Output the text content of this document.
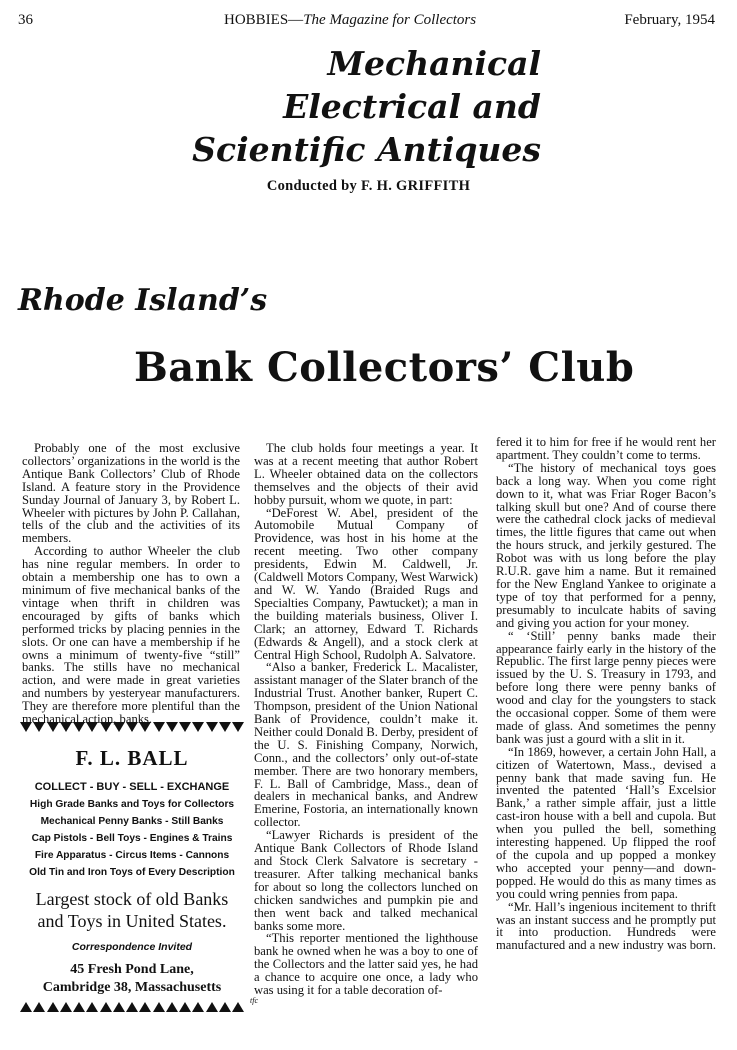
36	HOBBIES—The Magazine for Collectors	February, 1954
Mechanical
Electrical and
Scientific Antiques
Conducted by F. H. GRIFFITH
Rhode Island’s
Bank Collectors’ Club

Probably one of the most exclusive collectors’ organizations in the world is the Antique Bank Collectors’ Club of Rhode Island. A feature story in the Providence Sunday Journal of January 3, by Robert L. Wheeler with pictures by John P. Callahan, tells of the club and the activities of its members.

According to author Wheeler the club has nine regular members. In order to obtain a membership one has to own a minimum of five mechanical banks of the vintage when thrift in children was encouraged by gifts of banks which performed tricks by placing pennies in the slots. Or one can have a membership if he owns a minimum of twenty-five “still” banks. The stills have no mechanical action, and were made in great varieties and numbers by yesteryear manufacturers. They are therefore more plentiful than the mechanical action, banks.

The club holds four meetings a year. It was at a recent meeting that author Robert L. Wheeler obtained data on the collectors themselves and the objects of their avid hobby pursuit, whom we quote, in part:

“DeForest W. Abel, president of the Automobile Mutual Company of Providence, was host in his home at the recent meeting. Two other company presidents, Edwin M. Caldwell, Jr. (Caldwell Motors Company, West Warwick) and W. W. Yando (Braided Rugs and Specialties Company, Pawtucket); a man in the building materials business, Oliver I. Clark; an attorney, Edward T. Richards (Edwards & Angell), and a stock clerk at Central High School, Rudolph A. Salvatore.

“Also a banker, Frederick L. Macalister, assistant manager of the Slater branch of the Industrial Trust. Another banker, Rupert C. Thompson, president of the Union National Bank of Providence, couldn’t make it. Neither could Donald B. Derby, president of the U. S. Finishing Company, Norwich, Conn., and the collectors’ only out-of-state member. There are two honorary members, F. L. Ball of Cambridge, Mass., dean of dealers in mechanical banks, and Andrew Emerine, Fostoria, an internationally known collector.

“Lawyer Richards is president of the Antique Bank Collectors of Rhode Island and Stock Clerk Salvatore is secretary - treasurer. After talking mechanical banks for about so long the collectors lunched on chicken sandwiches and pumpkin pie and then went back and talked mechanical banks some more.

“This reporter mentioned the lighthouse bank he owned when he was a boy to one of the Collectors and the latter said yes, he had a chance to acquire one once, a lady who was using it for a table decoration of-

fered it to him for free if he would rent her apartment. They couldn’t come to terms.

“The history of mechanical toys goes back a long way. When you come right down to it, what was Friar Roger Bacon’s talking skull but one? And of course there were the cathedral clock jacks of medieval times, the little figures that came out when the hours struck, and jerkily gestured. The Robot was with us long before the play R.U.R. gave him a name. But it remained for the New England Yankee to originate a type of toy that performed for a penny, presumably to inculcate habits of saving and giving you action for your money.

“ ‘Still’ penny banks made their appearance fairly early in the history of the Republic. The first large penny pieces were issued by the U. S. Treasury in 1793, and before long there were penny banks of wood and clay for the youngsters to stack the occasional copper. Some of them were made of glass. And sometimes the penny bank was just a gourd with a slit in it.

“In 1869, however, a certain John Hall, a citizen of Watertown, Mass., devised a penny bank that made saving fun. He invented the patented ‘Hall’s Excelsior Bank,’ a rather simple affair, just a little cast-iron house with a bell and cupola. But when you pulled the bell, something interesting happened. Up flipped the roof of the cupola and up popped a monkey who accepted your penny—and down-popped. He would do this as many times as you could wring pennies from papa.

“Mr. Hall’s ingenious incitement to thrift was an instant success and he promptly put it into production. Hundreds were manufactured and a new industry was born.

F. L. BALL
COLLECT - BUY - SELL - EXCHANGE
High Grade Banks and Toys for Collectors
Mechanical Penny Banks - Still Banks
Cap Pistols - Bell Toys - Engines & Trains
Fire Apparatus - Circus Items - Cannons
Old Tin and Iron Toys of Every Description
Largest stock of old Banks
and Toys in United States.
Correspondence Invited
45 Fresh Pond Lane,
Cambridge 38, Massachusetts
tfc
